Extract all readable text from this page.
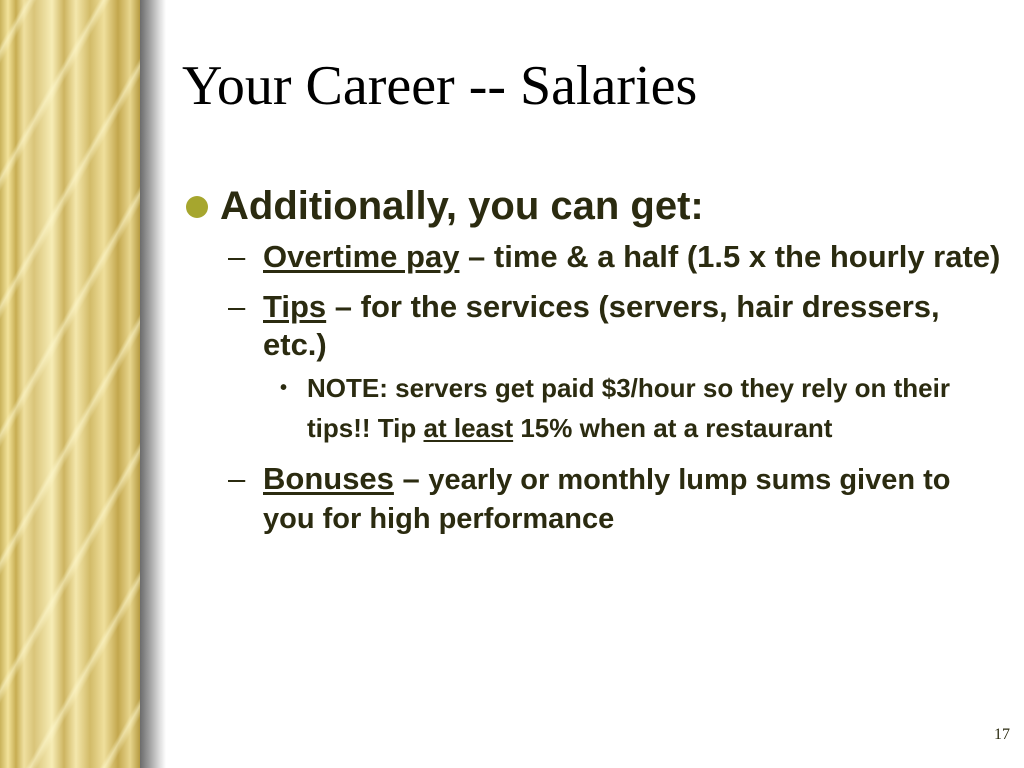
Your Career -- Salaries
Additionally, you can get:
– Overtime pay – time & a half (1.5 x the hourly rate)
– Tips – for the services (servers, hair dressers, etc.)
• NOTE: servers get paid $3/hour so they rely on their tips!! Tip at least 15% when at a restaurant
– Bonuses – yearly or monthly lump sums given to you for high performance
17
